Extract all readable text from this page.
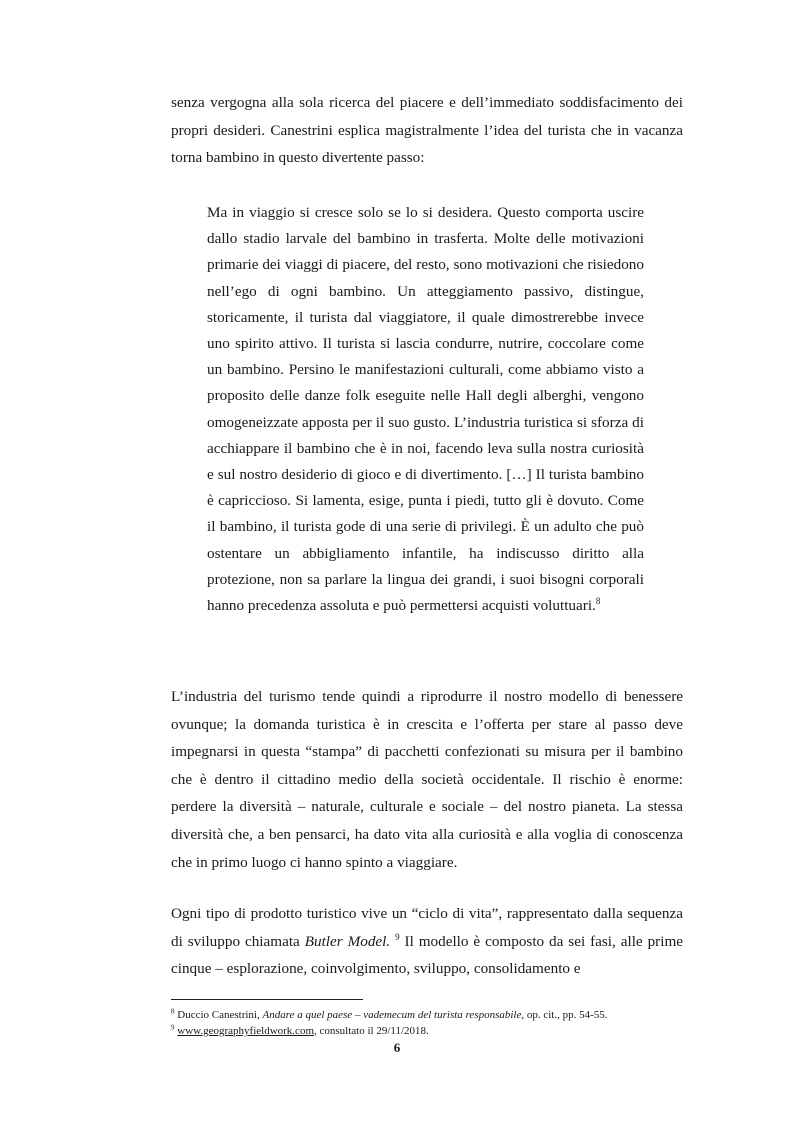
senza vergogna alla sola ricerca del piacere e dell’immediato soddisfacimento dei propri desideri. Canestrini esplica magistralmente l’idea del turista che in vacanza torna bambino in questo divertente passo:

Ma in viaggio si cresce solo se lo si desidera. Questo comporta uscire dallo stadio larvale del bambino in trasferta. Molte delle motivazioni primarie dei viaggi di piacere, del resto, sono motivazioni che risiedono nell’ego di ogni bambino. Un atteggiamento passivo, distingue, storicamente, il turista dal viaggiatore, il quale dimostrerebbe invece uno spirito attivo. Il turista si lascia condurre, nutrire, coccolare come un bambino. Persino le manifestazioni culturali, come abbiamo visto a proposito delle danze folk eseguite nelle Hall degli alberghi, vengono omogeneizzate apposta per il suo gusto. L’industria turistica si sforza di acchiappare il bambino che è in noi, facendo leva sulla nostra curiosità e sul nostro desiderio di gioco e di divertimento. […] Il turista bambino è capriccioso. Si lamenta, esige, punta i piedi, tutto gli è dovuto. Come il bambino, il turista gode di una serie di privilegi. È un adulto che può ostentare un abbigliamento infantile, ha indiscusso diritto alla protezione, non sa parlare la lingua dei grandi, i suoi bisogni corporali hanno precedenza assoluta e può permettersi acquisti voluttuari.$^8$

L’industria del turismo tende quindi a riprodurre il nostro modello di benessere ovunque; la domanda turistica è in crescita e l’offerta per stare al passo deve impegnarsi in questa “stampa” di pacchetti confezionati su misura per il bambino che è dentro il cittadino medio della società occidentale. Il rischio è enorme: perdere la diversità – naturale, culturale e sociale – del nostro pianeta. La stessa diversità che, a ben pensarci, ha dato vita alla curiosità e alla voglia di conoscenza che in primo luogo ci hanno spinto a viaggiare.

Ogni tipo di prodotto turistico vive un “ciclo di vita”, rappresentato dalla sequenza di sviluppo chiamata Butler Model. $^9$ Il modello è composto da sei fasi, alle prime cinque – esplorazione, coinvolgimento, sviluppo, consolidamento e

$^8$ Duccio Canestrini, Andare a quel paese – vademecum del turista responsabile, op. cit., pp. 54-55.

$^9$ www.geographyfieldwork.com, consultato il 29/11/2018.

6
